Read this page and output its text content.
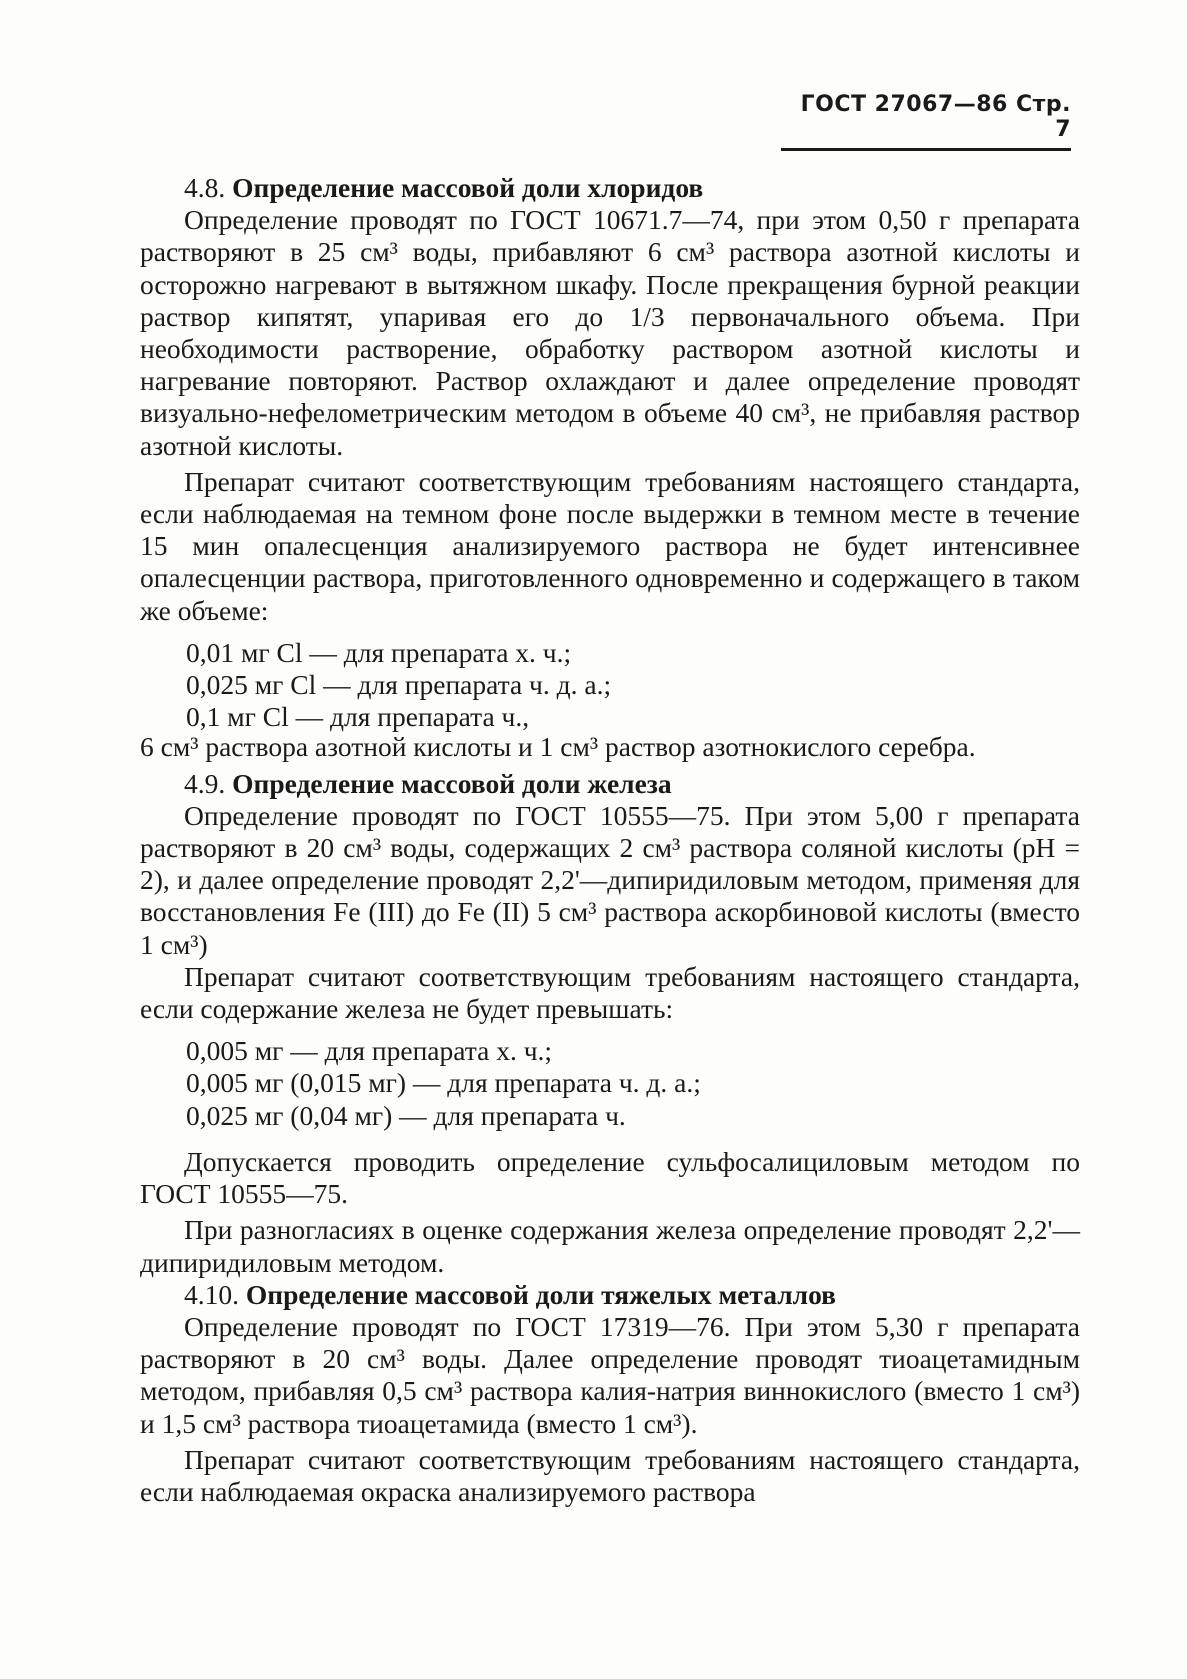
ГОСТ 27067—86 Стр. 7

4.8. Определение массовой доли хлоридов

Определение проводят по ГОСТ 10671.7—74, при этом 0,50 г препарата растворяют в 25 см³ воды, прибавляют 6 см³ раствора азотной кислоты и осторожно нагревают в вытяжном шкафу. После прекращения бурной реакции раствор кипятят, упаривая его до 1/3 первоначального объема. При необходимости растворение, обработку раствором азотной кислоты и нагревание повторяют. Раствор охлаждают и далее определение проводят визуально-нефелометрическим методом в объеме 40 см³, не прибавляя раствор азотной кислоты.

Препарат считают соответствующим требованиям настоящего стандарта, если наблюдаемая на темном фоне после выдержки в темном месте в течение 15 мин опалесценция анализируемого раствора не будет интенсивнее опалесценции раствора, приготовленного одновременно и содержащего в таком же объеме:

0,01 мг Cl — для препарата х. ч.;
0,025 мг Cl — для препарата ч. д. а.;
0,1 мг Cl — для препарата ч.,

6 см³ раствора азотной кислоты и 1 см³ раствор азотнокислого серебра.

4.9. Определение массовой доли железа

Определение проводят по ГОСТ 10555—75. При этом 5,00 г препарата растворяют в 20 см³ воды, содержащих 2 см³ раствора соляной кислоты (pH = 2), и далее определение проводят 2,2'—дипиридиловым методом, применяя для восстановления Fe (III) до Fe (II) 5 см³ раствора аскорбиновой кислоты (вместо 1 см³)

Препарат считают соответствующим требованиям настоящего стандарта, если содержание железа не будет превышать:

0,005 мг — для препарата х. ч.;
0,005 мг (0,015 мг) — для препарата ч. д. а.;
0,025 мг (0,04 мг) — для препарата ч.

Допускается проводить определение сульфосалициловым методом по ГОСТ 10555—75.

При разногласиях в оценке содержания железа определение проводят 2,2'—дипиридиловым методом.

4.10. Определение массовой доли тяжелых металлов

Определение проводят по ГОСТ 17319—76. При этом 5,30 г препарата растворяют в 20 см³ воды. Далее определение проводят тиоацетамидным методом, прибавляя 0,5 см³ раствора калия-натрия виннокислого (вместо 1 см³) и 1,5 см³ раствора тиоацетамида (вместо 1 см³).

Препарат считают соответствующим требованиям настоящего стандарта, если наблюдаемая окраска анализируемого раствора
